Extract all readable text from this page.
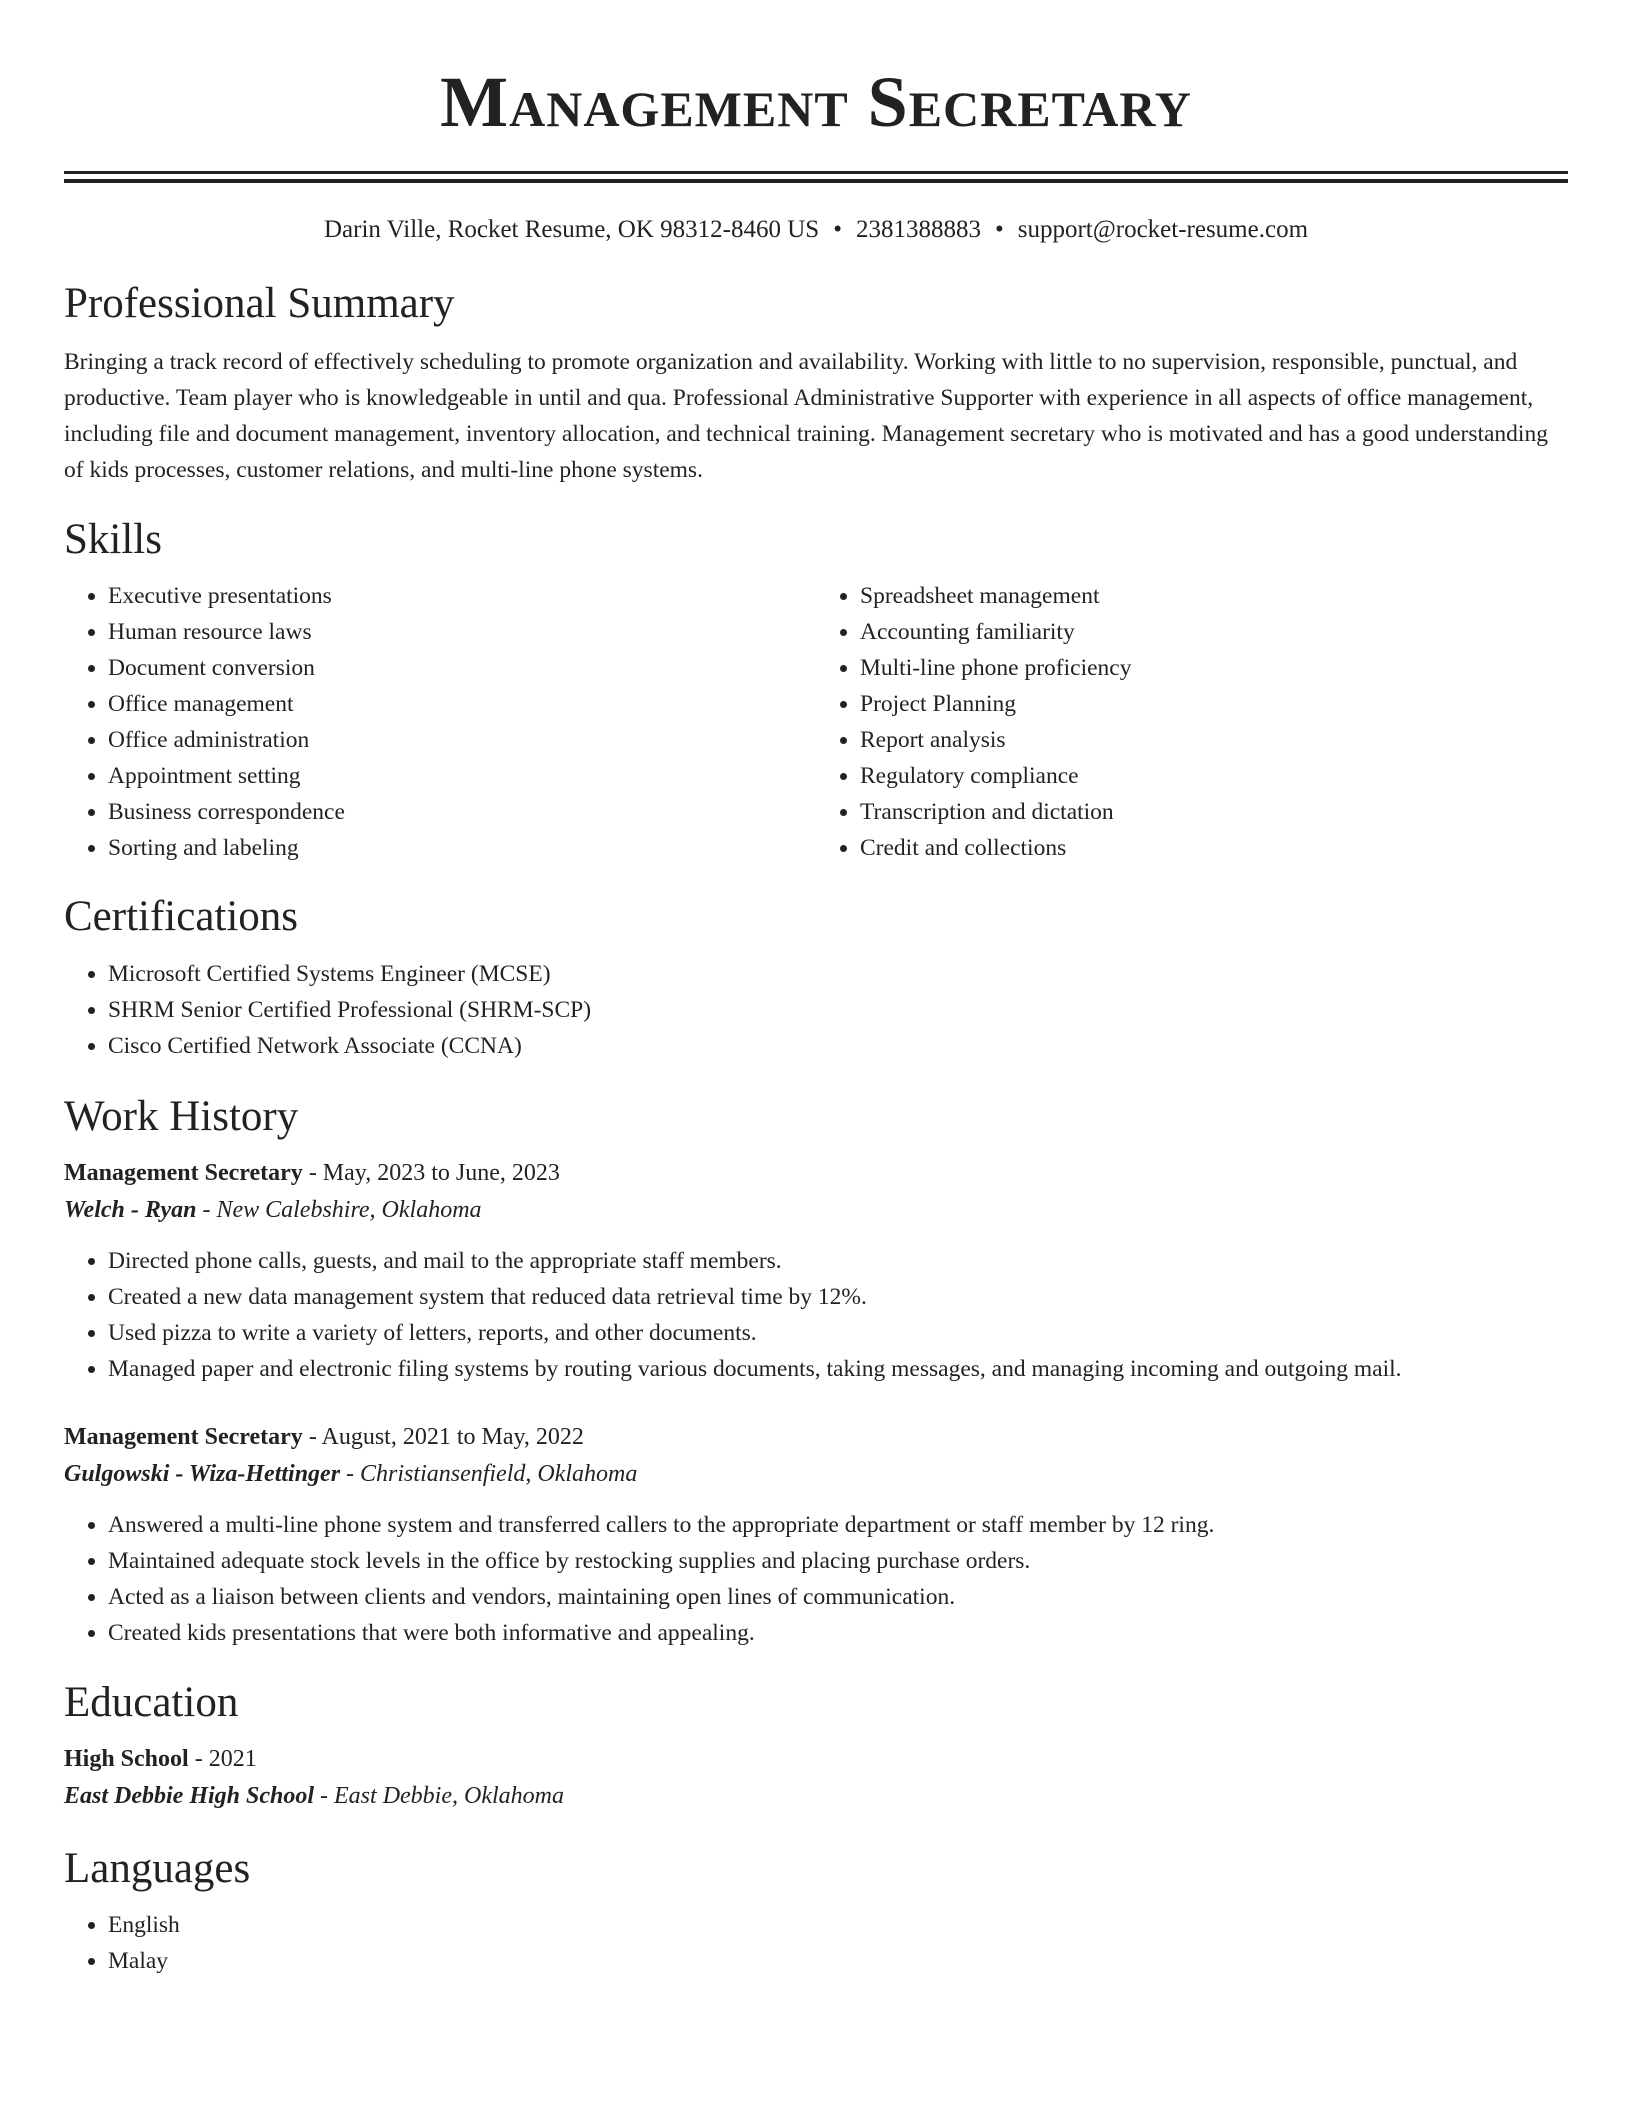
Management Secretary
Darin Ville, Rocket Resume, OK 98312-8460 US • 2381388883 • support@rocket-resume.com
Professional Summary

Bringing a track record of effectively scheduling to promote organization and availability. Working with little to no supervision, responsible, punctual, and productive. Team player who is knowledgeable in until and qua. Professional Administrative Supporter with experience in all aspects of office management, including file and document management, inventory allocation, and technical training. Management secretary who is motivated and has a good understanding of kids processes, customer relations, and multi-line phone systems.

Skills
• Executive presentations
• Human resource laws
• Document conversion
• Office management
• Office administration
• Appointment setting
• Business correspondence
• Sorting and labeling
• Spreadsheet management
• Accounting familiarity
• Multi-line phone proficiency
• Project Planning
• Report analysis
• Regulatory compliance
• Transcription and dictation
• Credit and collections
Certifications
• Microsoft Certified Systems Engineer (MCSE)
• SHRM Senior Certified Professional (SHRM-SCP)
• Cisco Certified Network Associate (CCNA)
Work History
Management Secretary - May, 2023 to June, 2023
Welch - Ryan - New Calebshire, Oklahoma
• Directed phone calls, guests, and mail to the appropriate staff members.
• Created a new data management system that reduced data retrieval time by 12%.
• Used pizza to write a variety of letters, reports, and other documents.
• Managed paper and electronic filing systems by routing various documents, taking messages, and managing incoming and outgoing mail.
Management Secretary - August, 2021 to May, 2022
Gulgowski - Wiza-Hettinger - Christiansenfield, Oklahoma
• Answered a multi-line phone system and transferred callers to the appropriate department or staff member by 12 ring.
• Maintained adequate stock levels in the office by restocking supplies and placing purchase orders.
• Acted as a liaison between clients and vendors, maintaining open lines of communication.
• Created kids presentations that were both informative and appealing.
Education
High School - 2021
East Debbie High School - East Debbie, Oklahoma
Languages
• English
• Malay
